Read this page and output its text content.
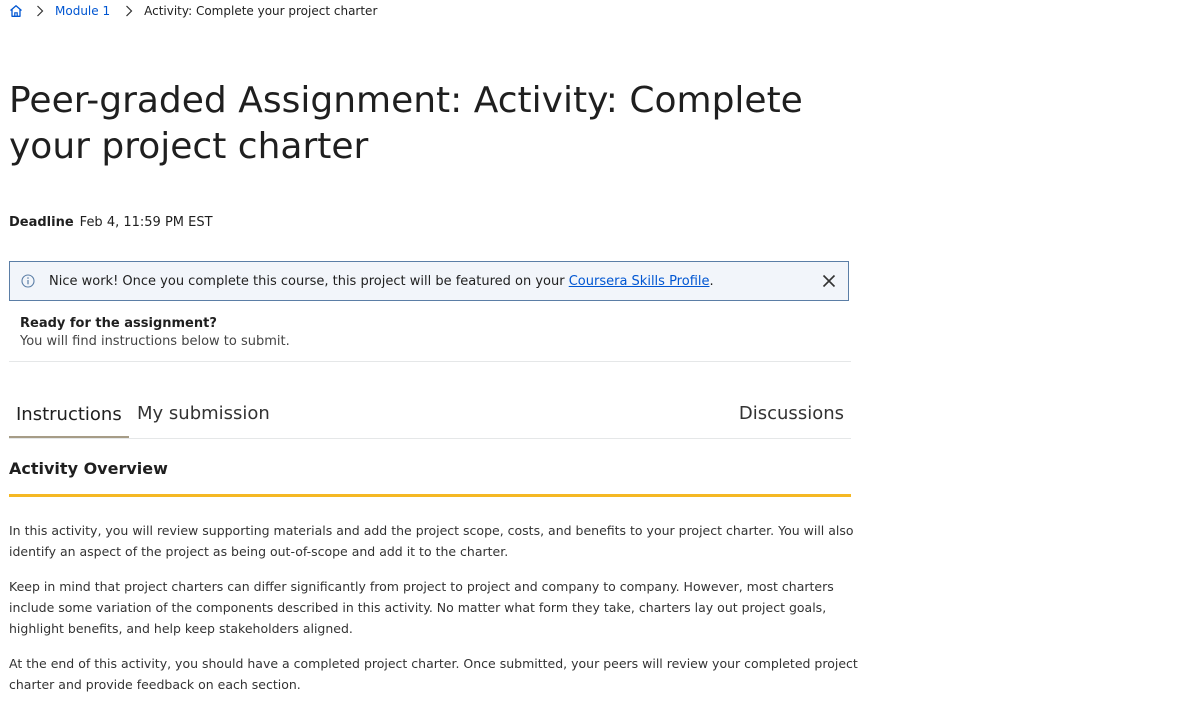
Module 1	Activity: Complete your project charter
Peer-graded Assignment: Activity: Complete your project charter
Deadline Feb 4, 11:59 PM EST
Nice work! Once you complete this course, this project will be featured on your Coursera Skills Profile.
Ready for the assignment?
You will find instructions below to submit.
Instructions My submission	Discussions
Activity Overview

In this activity, you will review supporting materials and add the project scope, costs, and benefits to your project charter. You will also identify an aspect of the project as being out-of-scope and add it to the charter.

Keep in mind that project charters can differ significantly from project to project and company to company. However, most charters include some variation of the components described in this activity. No matter what form they take, charters lay out project goals, highlight benefits, and help keep stakeholders aligned.

At the end of this activity, you should have a completed project charter. Once submitted, your peers will review your completed project charter and provide feedback on each section.
